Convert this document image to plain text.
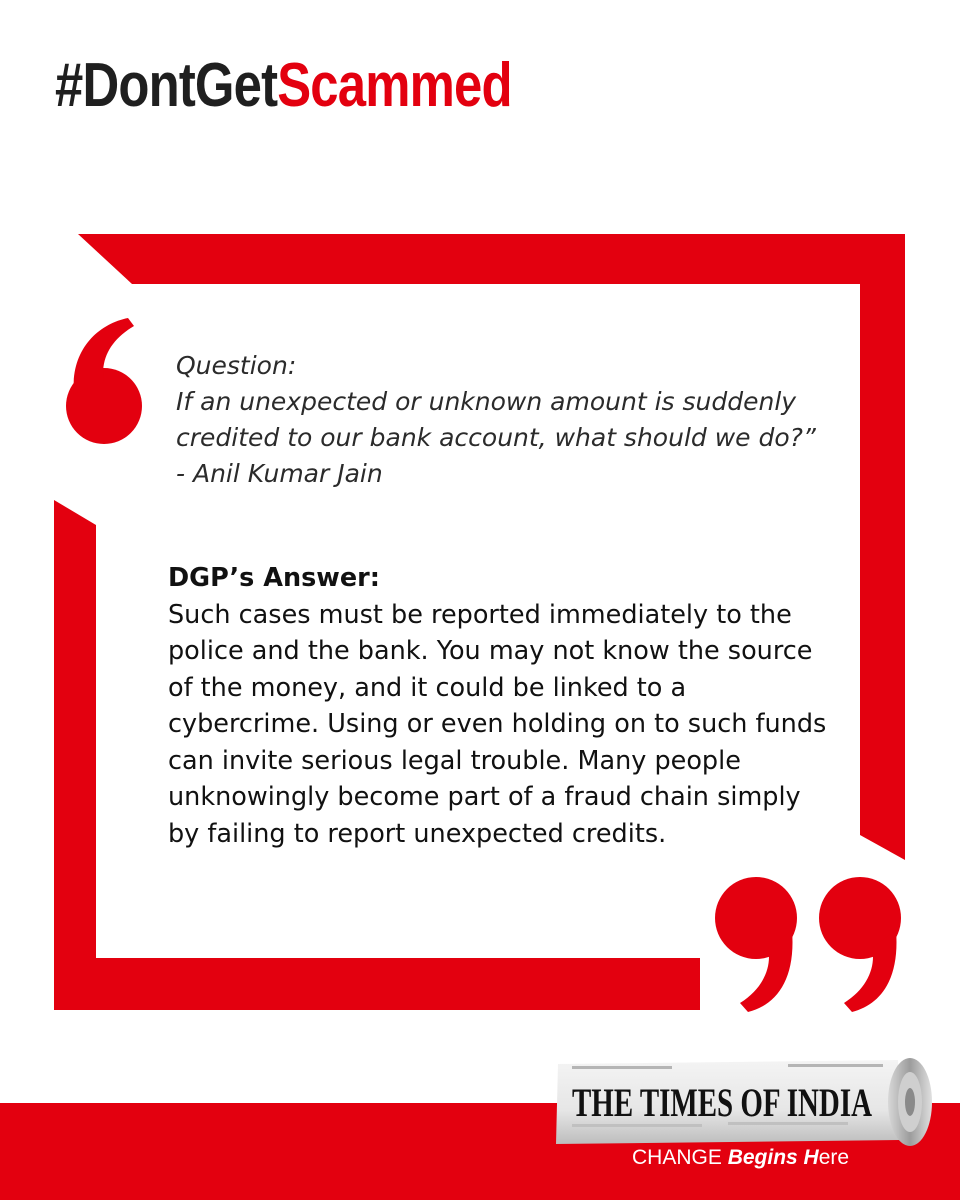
#DontGetScammed
Question:
If an unexpected or unknown amount is suddenly
credited to our bank account, what should we do?”
- Anil Kumar Jain
DGP’s Answer:
Such cases must be reported immediately to the
police and the bank. You may not know the source
of the money, and it could be linked to a
cybercrime. Using or even holding on to such funds
can invite serious legal trouble. Many people
unknowingly become part of a fraud chain simply
by failing to report unexpected credits.
THE TIMES OF INDIA
CHANGE Begins Here
